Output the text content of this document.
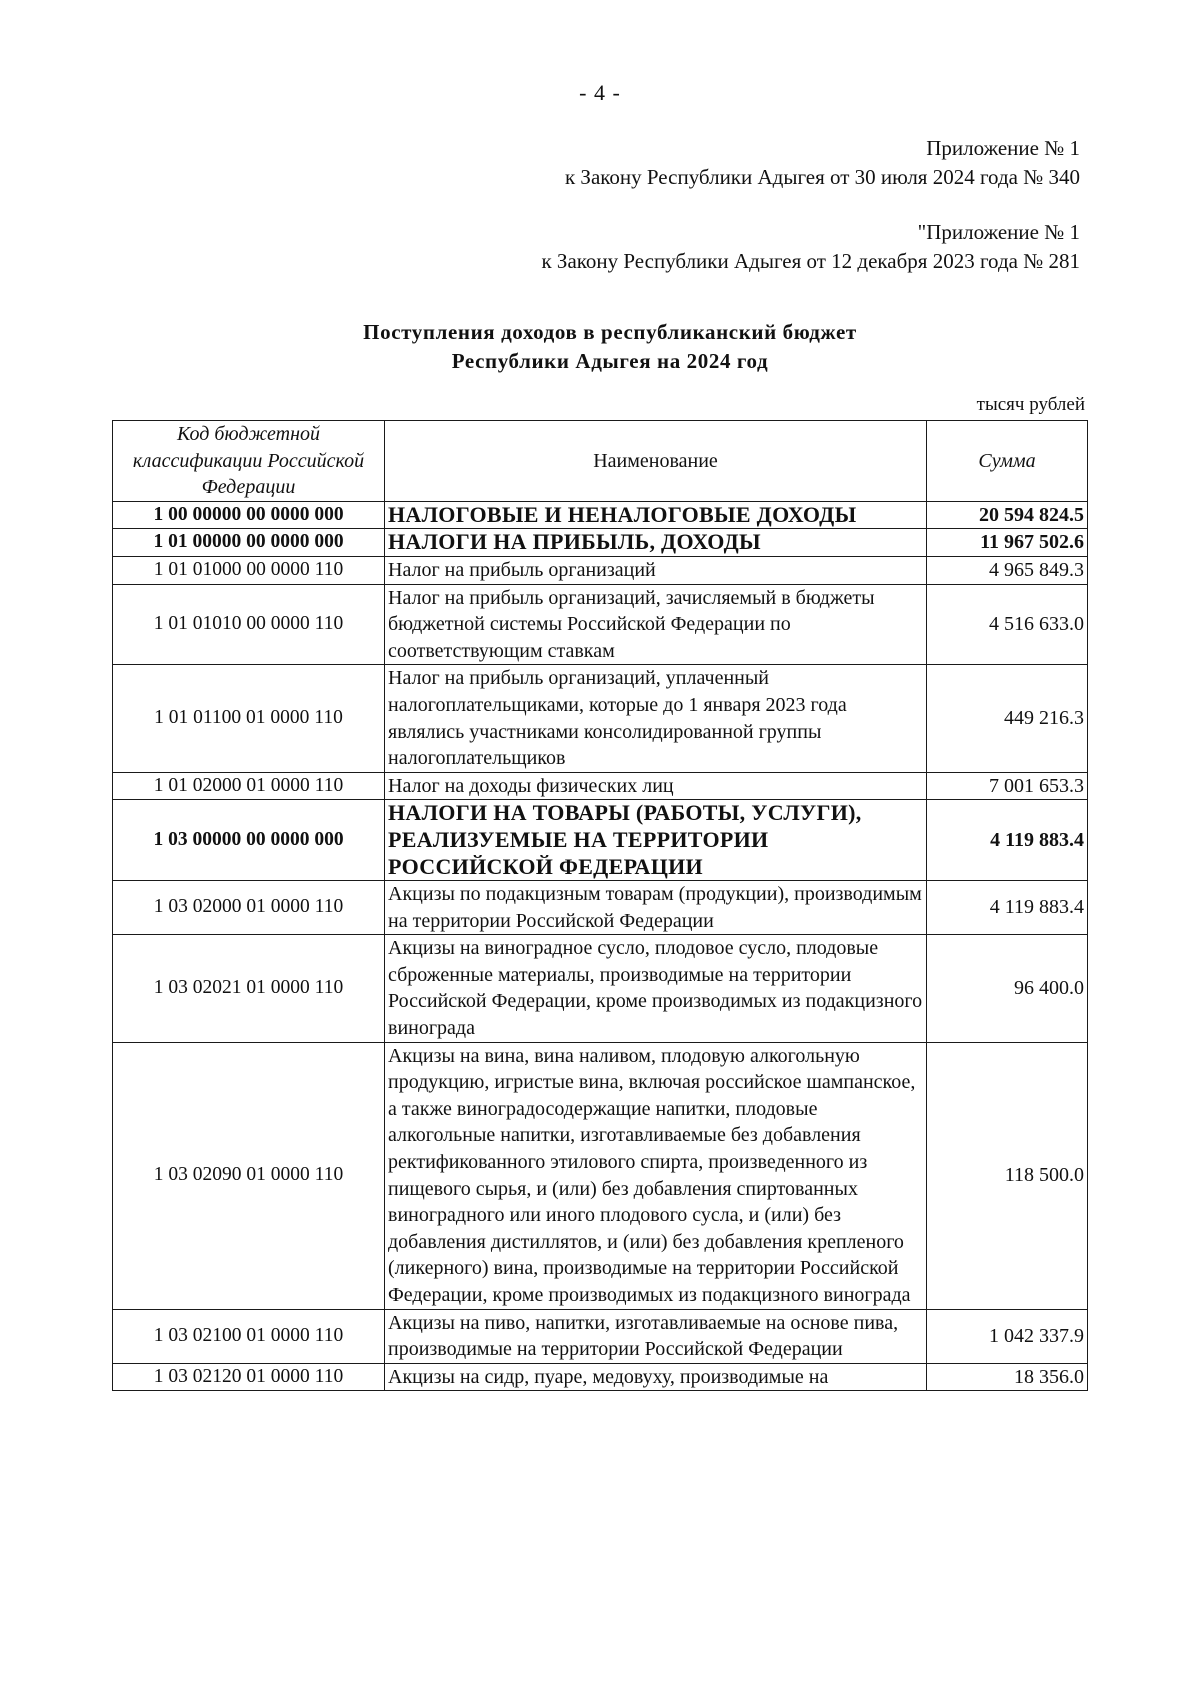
- 4 -
Приложение № 1
к Закону Республики Адыгея от 30 июля 2024 года № 340
"Приложение № 1
к Закону Республики Адыгея от 12 декабря 2023 года № 281
Поступления доходов в республиканский бюджет
Республики Адыгея на 2024 год
тысяч рублей
Код бюджетной классификации Российской Федерации	Наименование	Сумма
1 00 00000 00 0000 000	НАЛОГОВЫЕ И НЕНАЛОГОВЫЕ ДОХОДЫ	20 594 824.5
1 01 00000 00 0000 000	НАЛОГИ НА ПРИБЫЛЬ, ДОХОДЫ	11 967 502.6
1 01 01000 00 0000 110	Налог на прибыль организаций	4 965 849.3
1 01 01010 00 0000 110	Налог на прибыль организаций, зачисляемый в бюджеты бюджетной системы Российской Федерации по соответствующим ставкам	4 516 633.0
1 01 01100 01 0000 110	Налог на прибыль организаций, уплаченный налогоплательщиками, которые до 1 января 2023 года являлись участниками консолидированной группы налогоплательщиков	449 216.3
1 01 02000 01 0000 110	Налог на доходы физических лиц	7 001 653.3
1 03 00000 00 0000 000	НАЛОГИ НА ТОВАРЫ (РАБОТЫ, УСЛУГИ), РЕАЛИЗУЕМЫЕ НА ТЕРРИТОРИИ РОССИЙСКОЙ ФЕДЕРАЦИИ	4 119 883.4
1 03 02000 01 0000 110	Акцизы по подакцизным товарам (продукции), производимым на территории Российской Федерации	4 119 883.4
1 03 02021 01 0000 110	Акцизы на виноградное сусло, плодовое сусло, плодовые сброженные материалы, производимые на территории Российской Федерации, кроме производимых из подакцизного винограда	96 400.0
1 03 02090 01 0000 110	Акцизы на вина, вина наливом, плодовую алкогольную продукцию, игристые вина, включая российское шампанское, а также виноградосодержащие напитки, плодовые алкогольные напитки, изготавливаемые без добавления ректификованного этилового спирта, произведенного из пищевого сырья, и (или) без добавления спиртованных виноградного или иного плодового сусла, и (или) без добавления дистиллятов, и (или) без добавления крепленого (ликерного) вина, производимые на территории Российской Федерации, кроме производимых из подакцизного винограда	118 500.0
1 03 02100 01 0000 110	Акцизы на пиво, напитки, изготавливаемые на основе пива, производимые на территории Российской Федерации	1 042 337.9
1 03 02120 01 0000 110	Акцизы на сидр, пуаре, медовуху, производимые на	18 356.0
